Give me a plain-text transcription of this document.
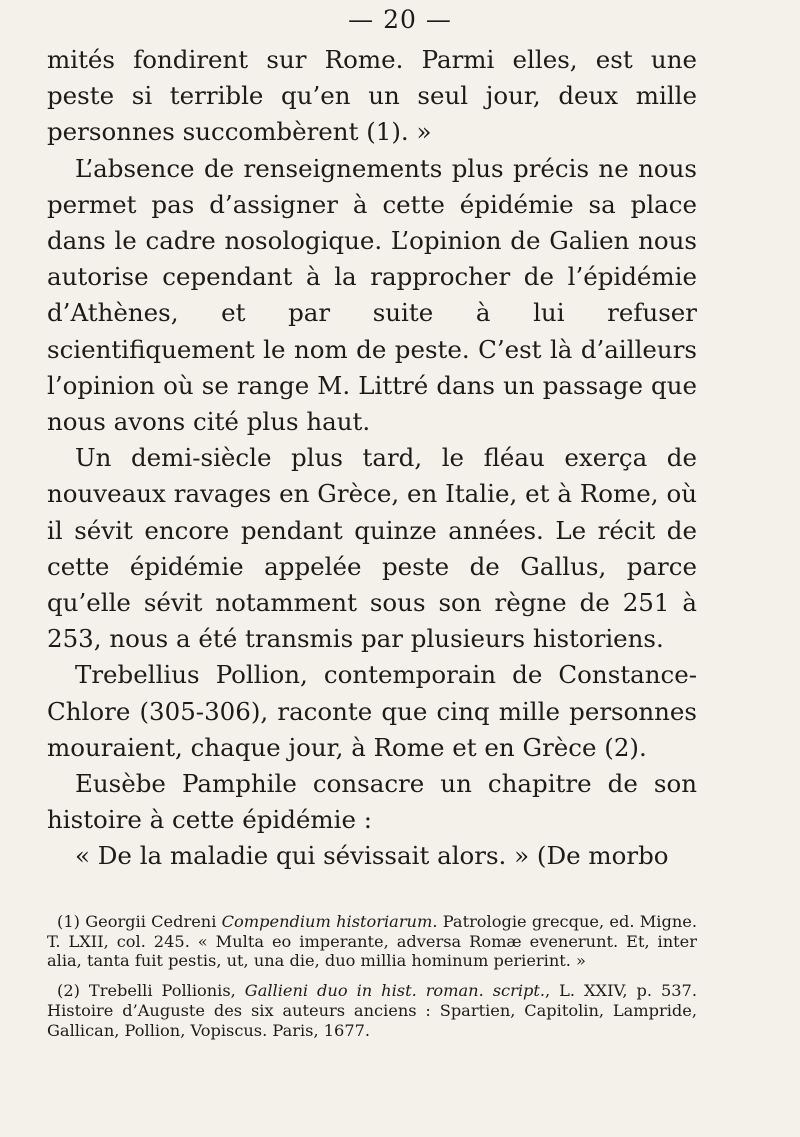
— 20 —

mités fondirent sur Rome. Parmi elles, est une peste si terrible qu’en un seul jour, deux mille personnes succombèrent (1). »

L’absence de renseignements plus précis ne nous permet pas d’assigner à cette épidémie sa place dans le cadre nosologique. L’opinion de Galien nous autorise cependant à la rapprocher de l’épidémie d’Athènes, et par suite à lui refuser scientifiquement le nom de peste. C’est là d’ailleurs l’opinion où se range M. Littré dans un passage que nous avons cité plus haut.

Un demi-siècle plus tard, le fléau exerça de nouveaux ravages en Grèce, en Italie, et à Rome, où il sévit encore pendant quinze années. Le récit de cette épidémie appelée peste de Gallus, parce qu’elle sévit notamment sous son règne de 251 à 253, nous a été transmis par plusieurs historiens.

Trebellius Pollion, contemporain de Constance-Chlore (305-306), raconte que cinq mille personnes mouraient, chaque jour, à Rome et en Grèce (2).

Eusèbe Pamphile consacre un chapitre de son histoire à cette épidémie :

« De la maladie qui sévissait alors. » (De morbo

(1) Georgii Cedreni Compendium historiarum. Patrologie grecque, ed. Migne. T. LXII, col. 245. « Multa eo imperante, adversa Romæ evenerunt. Et, inter alia, tanta fuit pestis, ut, una die, duo millia hominum perierint. »

(2) Trebelli Pollionis, Gallieni duo in hist. roman. script., L. XXIV, p. 537. Histoire d’Auguste des six auteurs anciens : Spartien, Capitolin, Lampride, Gallican, Pollion, Vopiscus. Paris, 1677.
